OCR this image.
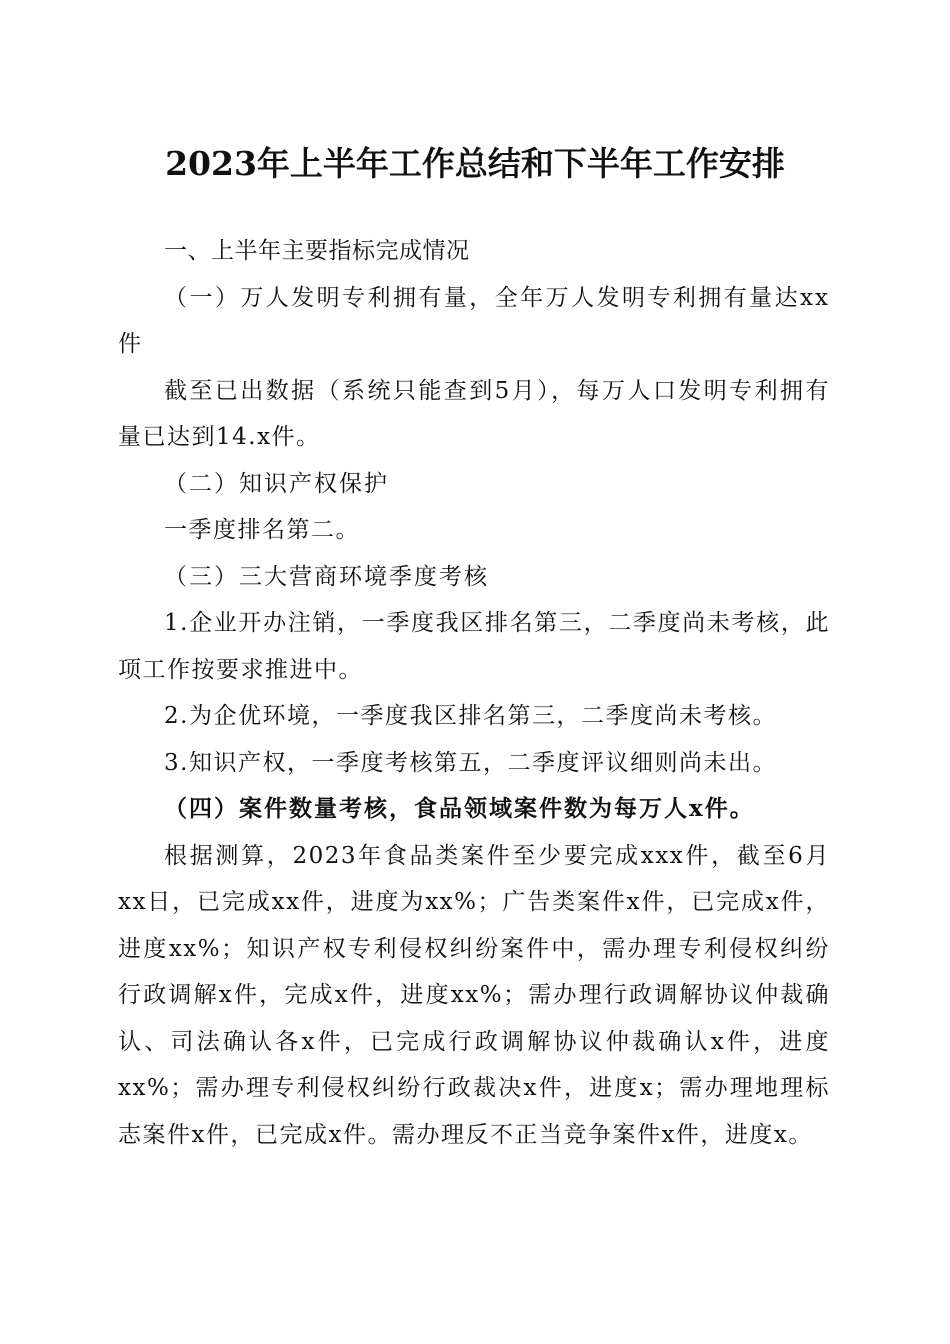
2023年上半年工作总结和下半年工作安排

一、上半年主要指标完成情况

（一）万人发明专利拥有量，全年万人发明专利拥有量达xx件

截至已出数据（系统只能查到5月），每万人口发明专利拥有量已达到14.x件。

（二）知识产权保护

一季度排名第二。

（三）三大营商环境季度考核

1.企业开办注销，一季度我区排名第三，二季度尚未考核，此项工作按要求推进中。

2.为企优环境，一季度我区排名第三，二季度尚未考核。

3.知识产权，一季度考核第五，二季度评议细则尚未出。

（四）案件数量考核，食品领域案件数为每万人x件。

根据测算，2023年食品类案件至少要完成xxx件，截至6月xx日，已完成xx件，进度为xx%；广告类案件x件，已完成x件，进度xx%；知识产权专利侵权纠纷案件中，需办理专利侵权纠纷行政调解x件，完成x件，进度xx%；需办理行政调解协议仲裁确认、司法确认各x件，已完成行政调解协议仲裁确认x件，进度xx%；需办理专利侵权纠纷行政裁决x件，进度x；需办理地理标志案件x件，已完成x件。需办理反不正当竞争案件x件，进度x。
